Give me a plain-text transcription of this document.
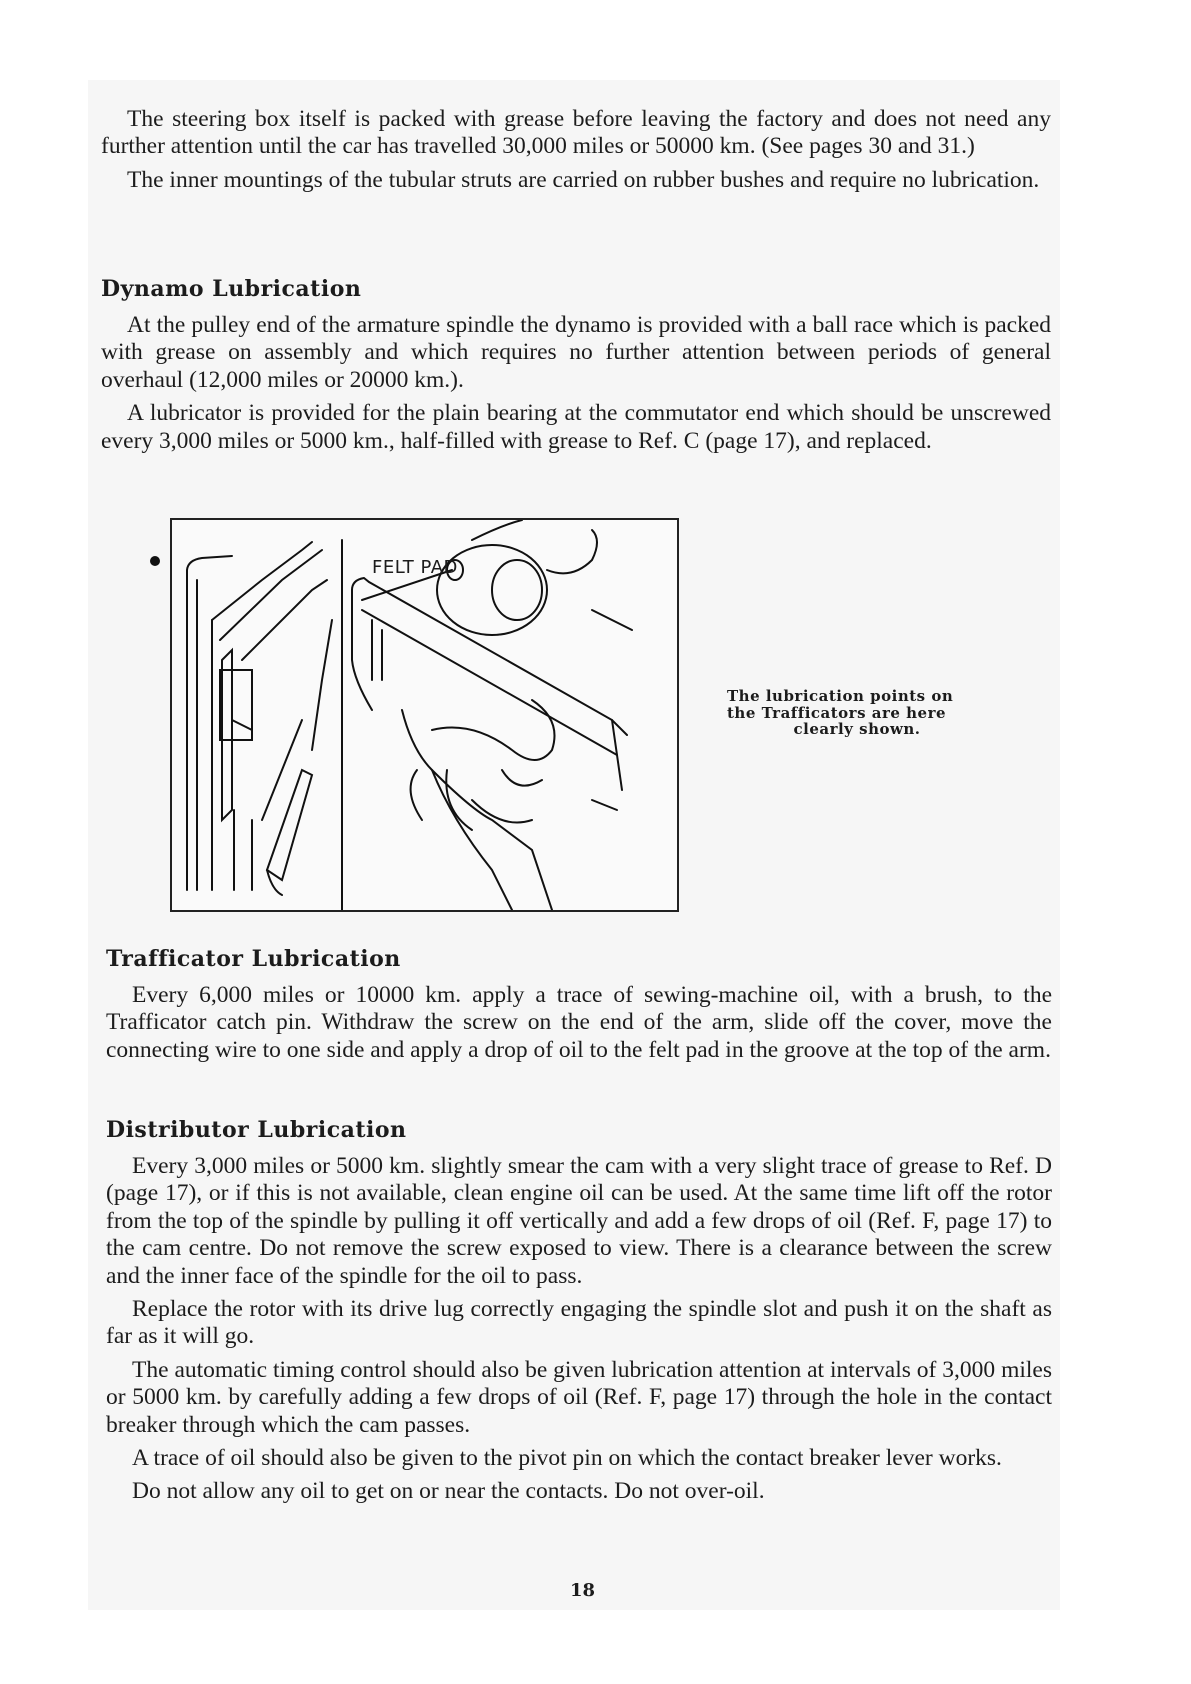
The steering box itself is packed with grease before leaving the factory and does not need any further attention until the car has travelled 30,000 miles or 50000 km. (See pages 30 and 31.)

The inner mountings of the tubular struts are carried on rubber bushes and require no lubrication.

Dynamo Lubrication

At the pulley end of the armature spindle the dynamo is provided with a ball race which is packed with grease on assembly and which requires no further attention between periods of general overhaul (12,000 miles or 20000 km.).

A lubricator is provided for the plain bearing at the commutator end which should be unscrewed every 3,000 miles or 5000 km., half-filled with grease to Ref. C (page 17), and replaced.

FELT PAD
The lubrication points on
the Trafficators are here
clearly shown.
Trafficator Lubrication

Every 6,000 miles or 10000 km. apply a trace of sewing-machine oil, with a brush, to the Trafficator catch pin. Withdraw the screw on the end of the arm, slide off the cover, move the connecting wire to one side and apply a drop of oil to the felt pad in the groove at the top of the arm.

Distributor Lubrication

Every 3,000 miles or 5000 km. slightly smear the cam with a very slight trace of grease to Ref. D (page 17), or if this is not available, clean engine oil can be used. At the same time lift off the rotor from the top of the spindle by pulling it off vertically and add a few drops of oil (Ref. F, page 17) to the cam centre. Do not remove the screw exposed to view. There is a clearance between the screw and the inner face of the spindle for the oil to pass.

Replace the rotor with its drive lug correctly engaging the spindle slot and push it on the shaft as far as it will go.

The automatic timing control should also be given lubrication attention at intervals of 3,000 miles or 5000 km. by carefully adding a few drops of oil (Ref. F, page 17) through the hole in the contact breaker through which the cam passes.

A trace of oil should also be given to the pivot pin on which the contact breaker lever works.

Do not allow any oil to get on or near the contacts. Do not over-oil.

18
